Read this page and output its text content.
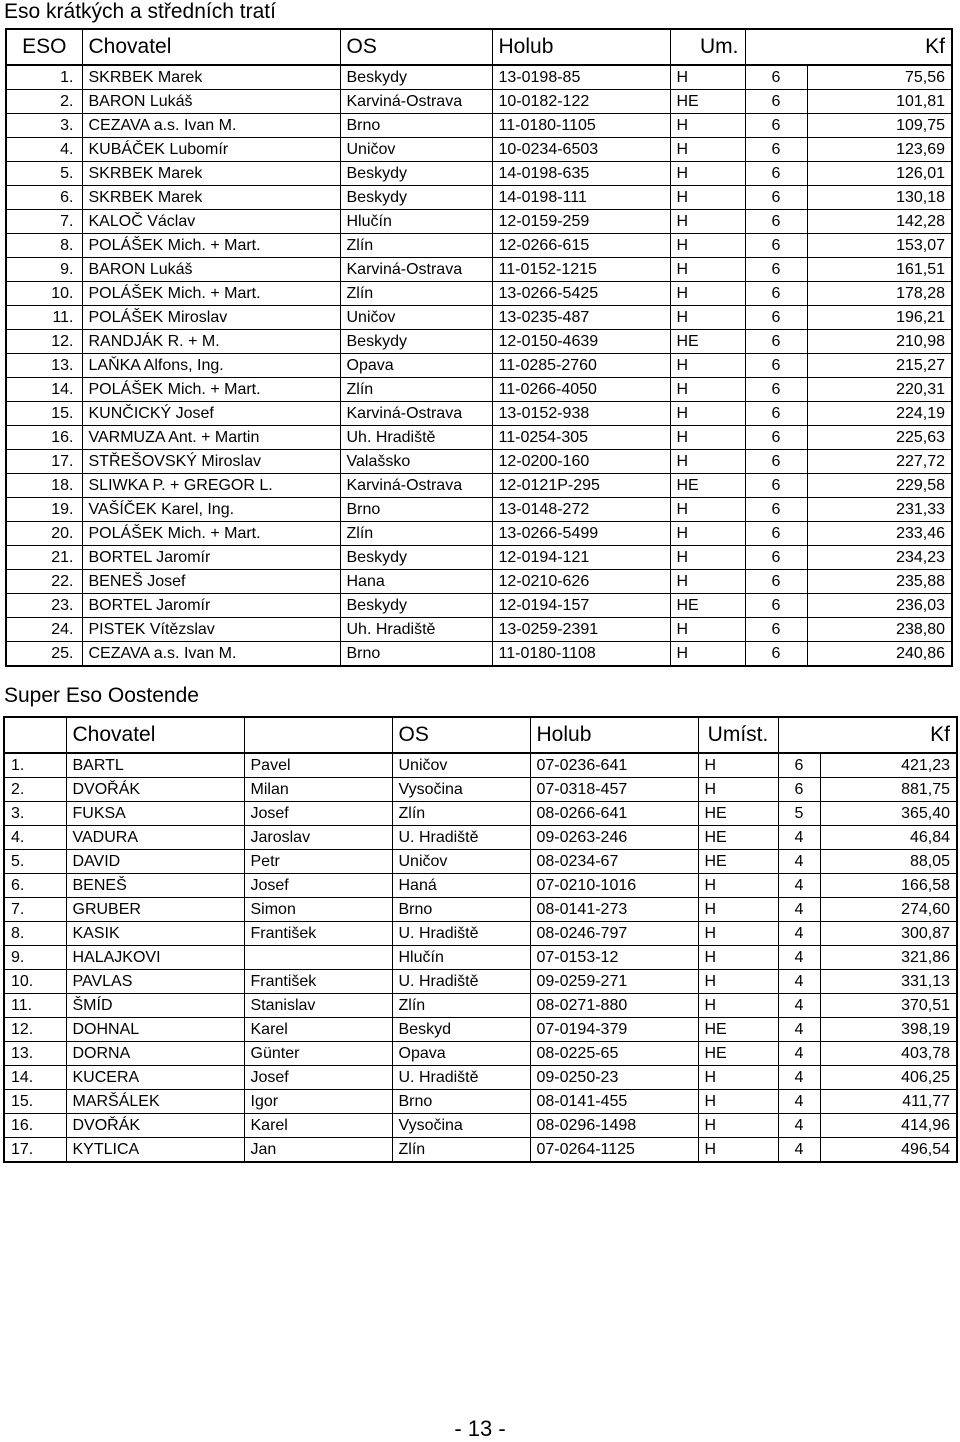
Eso krátkých a středních tratí
ESO	Chovatel	OS	Holub	Um.	Kf	
1.	SKRBEK Marek	Beskydy	13-0198-85	H	6	75,56
2.	BARON Lukáš	Karviná-Ostrava	10-0182-122	HE	6	101,81
3.	CEZAVA a.s. Ivan M.	Brno	11-0180-1105	H	6	109,75
4.	KUBÁČEK Lubomír	Uničov	10-0234-6503	H	6	123,69
5.	SKRBEK Marek	Beskydy	14-0198-635	H	6	126,01
6.	SKRBEK Marek	Beskydy	14-0198-111	H	6	130,18
7.	KALOČ Václav	Hlučín	12-0159-259	H	6	142,28
8.	POLÁŠEK Mich. + Mart.	Zlín	12-0266-615	H	6	153,07
9.	BARON Lukáš	Karviná-Ostrava	11-0152-1215	H	6	161,51
10.	POLÁŠEK Mich. + Mart.	Zlín	13-0266-5425	H	6	178,28
11.	POLÁŠEK Miroslav	Uničov	13-0235-487	H	6	196,21
12.	RANDJÁK R. + M.	Beskydy	12-0150-4639	HE	6	210,98
13.	LAŇKA Alfons, Ing.	Opava	11-0285-2760	H	6	215,27
14.	POLÁŠEK Mich. + Mart.	Zlín	11-0266-4050	H	6	220,31
15.	KUNČICKÝ Josef	Karviná-Ostrava	13-0152-938	H	6	224,19
16.	VARMUZA Ant. + Martin	Uh. Hradiště	11-0254-305	H	6	225,63
17.	STŘEŠOVSKÝ Miroslav	Valašsko	12-0200-160	H	6	227,72
18.	SLIWKA P. + GREGOR L.	Karviná-Ostrava	12-0121P-295	HE	6	229,58
19.	VAŠÍČEK Karel, Ing.	Brno	13-0148-272	H	6	231,33
20.	POLÁŠEK Mich. + Mart.	Zlín	13-0266-5499	H	6	233,46
21.	BORTEL Jaromír	Beskydy	12-0194-121	H	6	234,23
22.	BENEŠ Josef	Hana	12-0210-626	H	6	235,88
23.	BORTEL Jaromír	Beskydy	12-0194-157	HE	6	236,03
24.	PISTEK Vítězslav	Uh. Hradiště	13-0259-2391	H	6	238,80
25.	CEZAVA a.s. Ivan M.	Brno	11-0180-1108	H	6	240,86
Super Eso Oostende
	Chovatel		OS	Holub	Umíst.	Kf	
1.	BARTL	Pavel	Uničov	07-0236-641	H	6	421,23
2.	DVOŘÁK	Milan	Vysočina	07-0318-457	H	6	881,75
3.	FUKSA	Josef	Zlín	08-0266-641	HE	5	365,40
4.	VADURA	Jaroslav	U. Hradiště	09-0263-246	HE	4	46,84
5.	DAVID	Petr	Uničov	08-0234-67	HE	4	88,05
6.	BENEŠ	Josef	Haná	07-0210-1016	H	4	166,58
7.	GRUBER	Simon	Brno	08-0141-273	H	4	274,60
8.	KASIK	František	U. Hradiště	08-0246-797	H	4	300,87
9.	HALAJKOVI		Hlučín	07-0153-12	H	4	321,86
10.	PAVLAS	František	U. Hradiště	09-0259-271	H	4	331,13
11.	ŠMÍD	Stanislav	Zlín	08-0271-880	H	4	370,51
12.	DOHNAL	Karel	Beskyd	07-0194-379	HE	4	398,19
13.	DORNA	Günter	Opava	08-0225-65	HE	4	403,78
14.	KUCERA	Josef	U. Hradiště	09-0250-23	H	4	406,25
15.	MARŠÁLEK	Igor	Brno	08-0141-455	H	4	411,77
16.	DVOŘÁK	Karel	Vysočina	08-0296-1498	H	4	414,96
17.	KYTLICA	Jan	Zlín	07-0264-1125	H	4	496,54
- 13 -
